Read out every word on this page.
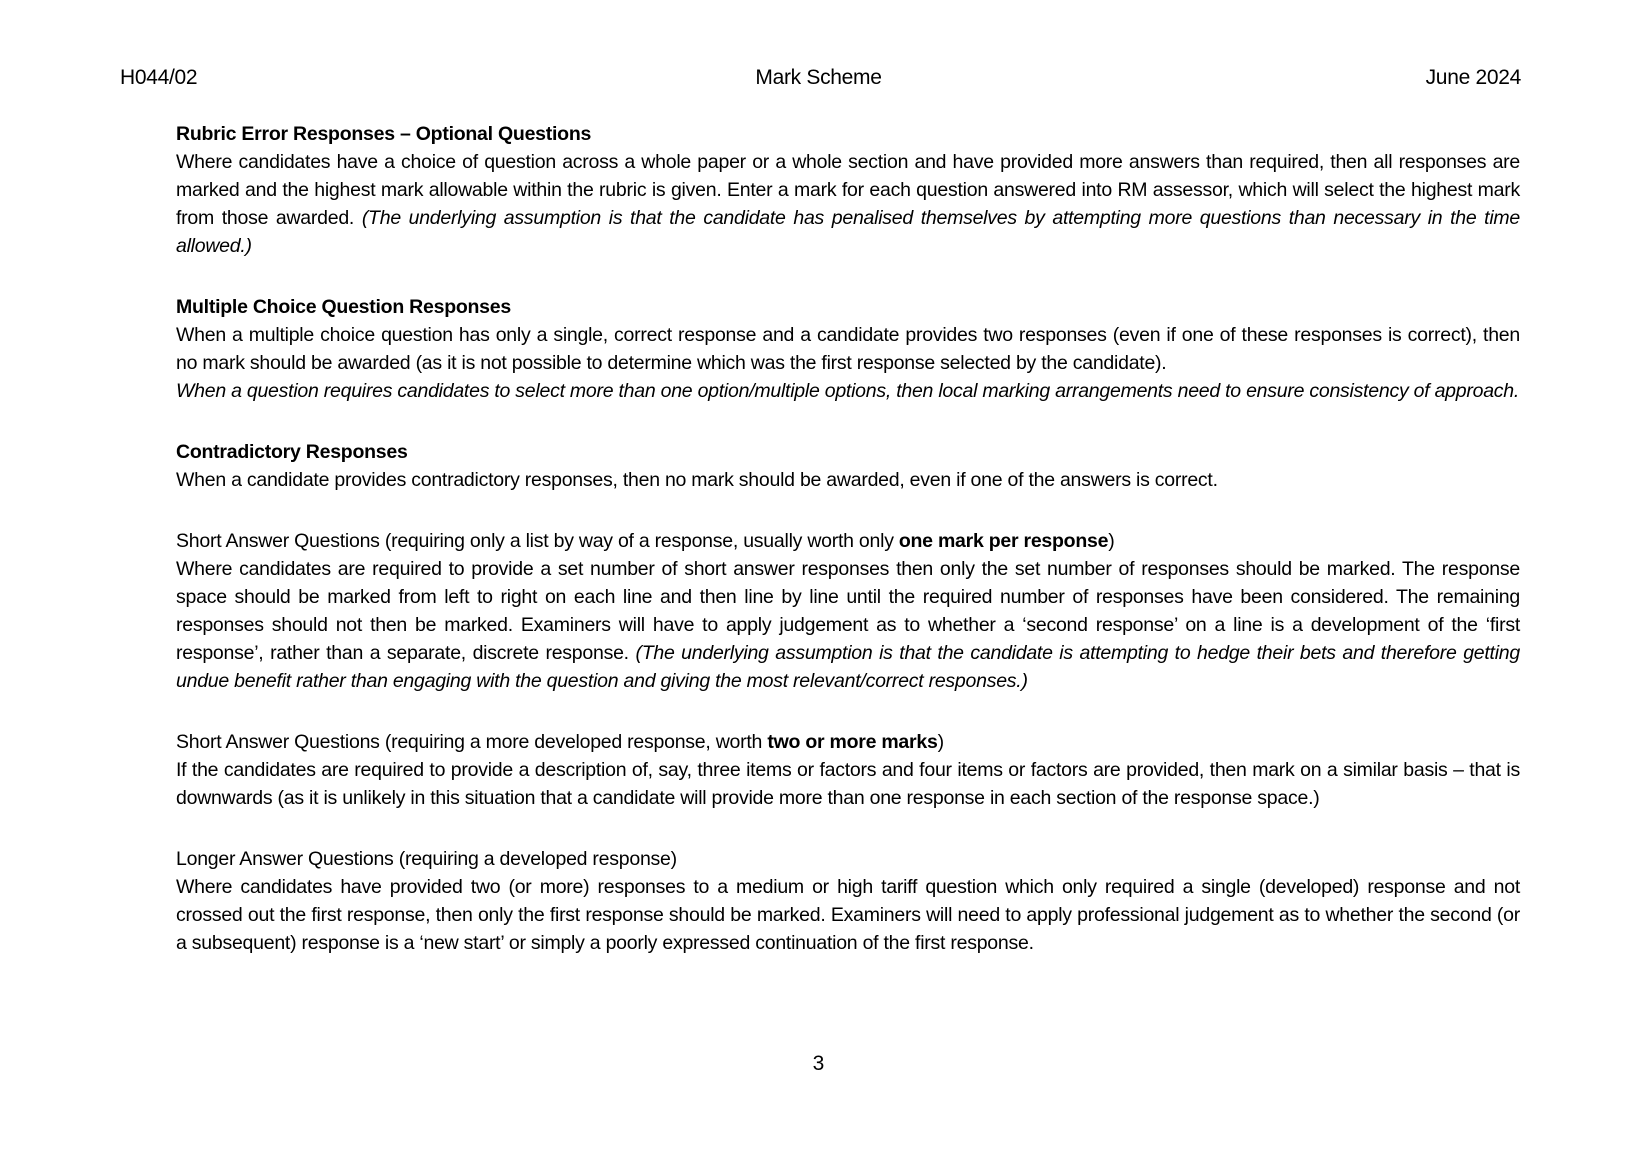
H044/02	Mark Scheme	June 2024

Rubric Error Responses – Optional Questions

Where candidates have a choice of question across a whole paper or a whole section and have provided more answers than required, then all responses are marked and the highest mark allowable within the rubric is given. Enter a mark for each question answered into RM assessor, which will select the highest mark from those awarded. (The underlying assumption is that the candidate has penalised themselves by attempting more questions than necessary in the time allowed.)

Multiple Choice Question Responses

When a multiple choice question has only a single, correct response and a candidate provides two responses (even if one of these responses is correct), then no mark should be awarded (as it is not possible to determine which was the first response selected by the candidate).

When a question requires candidates to select more than one option/multiple options, then local marking arrangements need to ensure consistency of approach.

Contradictory Responses

When a candidate provides contradictory responses, then no mark should be awarded, even if one of the answers is correct.

Short Answer Questions (requiring only a list by way of a response, usually worth only one mark per response)

Where candidates are required to provide a set number of short answer responses then only the set number of responses should be marked. The response space should be marked from left to right on each line and then line by line until the required number of responses have been considered. The remaining responses should not then be marked. Examiners will have to apply judgement as to whether a ‘second response’ on a line is a development of the ‘first response’, rather than a separate, discrete response. (The underlying assumption is that the candidate is attempting to hedge their bets and therefore getting undue benefit rather than engaging with the question and giving the most relevant/correct responses.)

Short Answer Questions (requiring a more developed response, worth two or more marks)

If the candidates are required to provide a description of, say, three items or factors and four items or factors are provided, then mark on a similar basis – that is downwards (as it is unlikely in this situation that a candidate will provide more than one response in each section of the response space.)

Longer Answer Questions (requiring a developed response)

Where candidates have provided two (or more) responses to a medium or high tariff question which only required a single (developed) response and not crossed out the first response, then only the first response should be marked. Examiners will need to apply professional judgement as to whether the second (or a subsequent) response is a ‘new start’ or simply a poorly expressed continuation of the first response.

3
